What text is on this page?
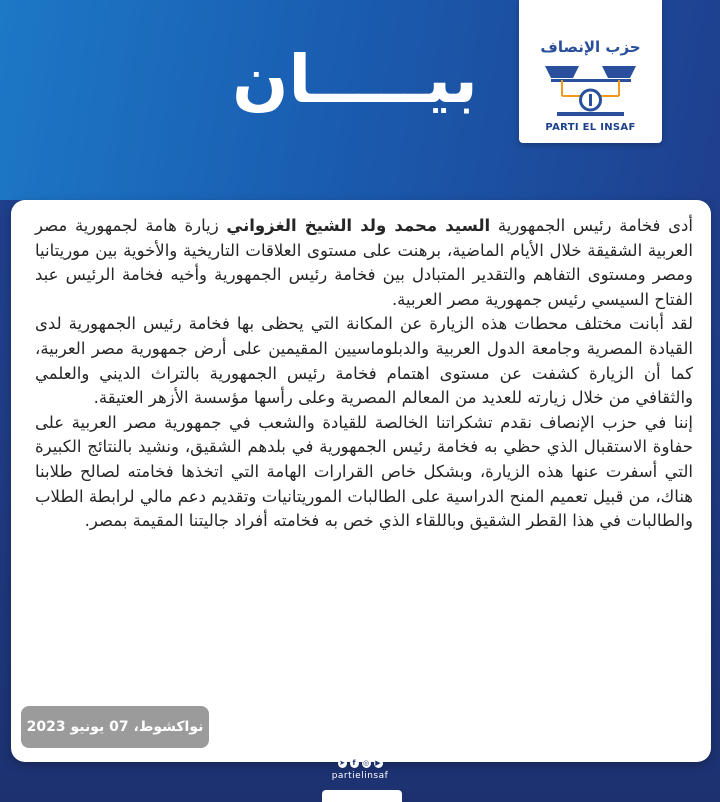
بيـــــان	حزب الإنصاف
PARTI EL INSAF

أدى فخامة رئيس الجمهورية السيد محمد ولد الشيخ الغزواني زيارة هامة لجمهورية مصر العربية الشقيقة خلال الأيام الماضية، برهنت على مستوى العلاقات التاريخية والأخوية بين موريتانيا ومصر ومستوى التفاهم والتقدير المتبادل بين فخامة رئيس الجمهورية وأخيه فخامة الرئيس عبد الفتاح السيسي رئيس جمهورية مصر العربية.

لقد أبانت مختلف محطات هذه الزيارة عن المكانة التي يحظى بها فخامة رئيس الجمهورية لدى القيادة المصرية وجامعة الدول العربية والدبلوماسيين المقيمين على أرض جمهورية مصر العربية، كما أن الزيارة كشفت عن مستوى اهتمام فخامة رئيس الجمهورية بالتراث الديني والعلمي والثقافي من خلال زيارته للعديد من المعالم المصرية وعلى رأسها مؤسسة الأزهر العتيقة.

إننا في حزب الإنصاف نقدم تشكراتنا الخالصة للقيادة والشعب في جمهورية مصر العربية على حفاوة الاستقبال الذي حظي به فخامة رئيس الجمهورية في بلدهم الشقيق، ونشيد بالنتائج الكبيرة التي أسفرت عنها هذه الزيارة، وبشكل خاص القرارات الهامة التي اتخذها فخامته لصالح طلابنا هناك، من قبيل تعميم المنح الدراسية على الطالبات الموريتانيات وتقديم دعم مالي لرابطة الطلاب والطالبات في هذا القطر الشقيق وباللقاء الذي خص به فخامته أفراد جاليتنا المقيمة بمصر.

نواكشوط، 07 يونيو 2023
➤	f	◎ ▶
partielinsaf
